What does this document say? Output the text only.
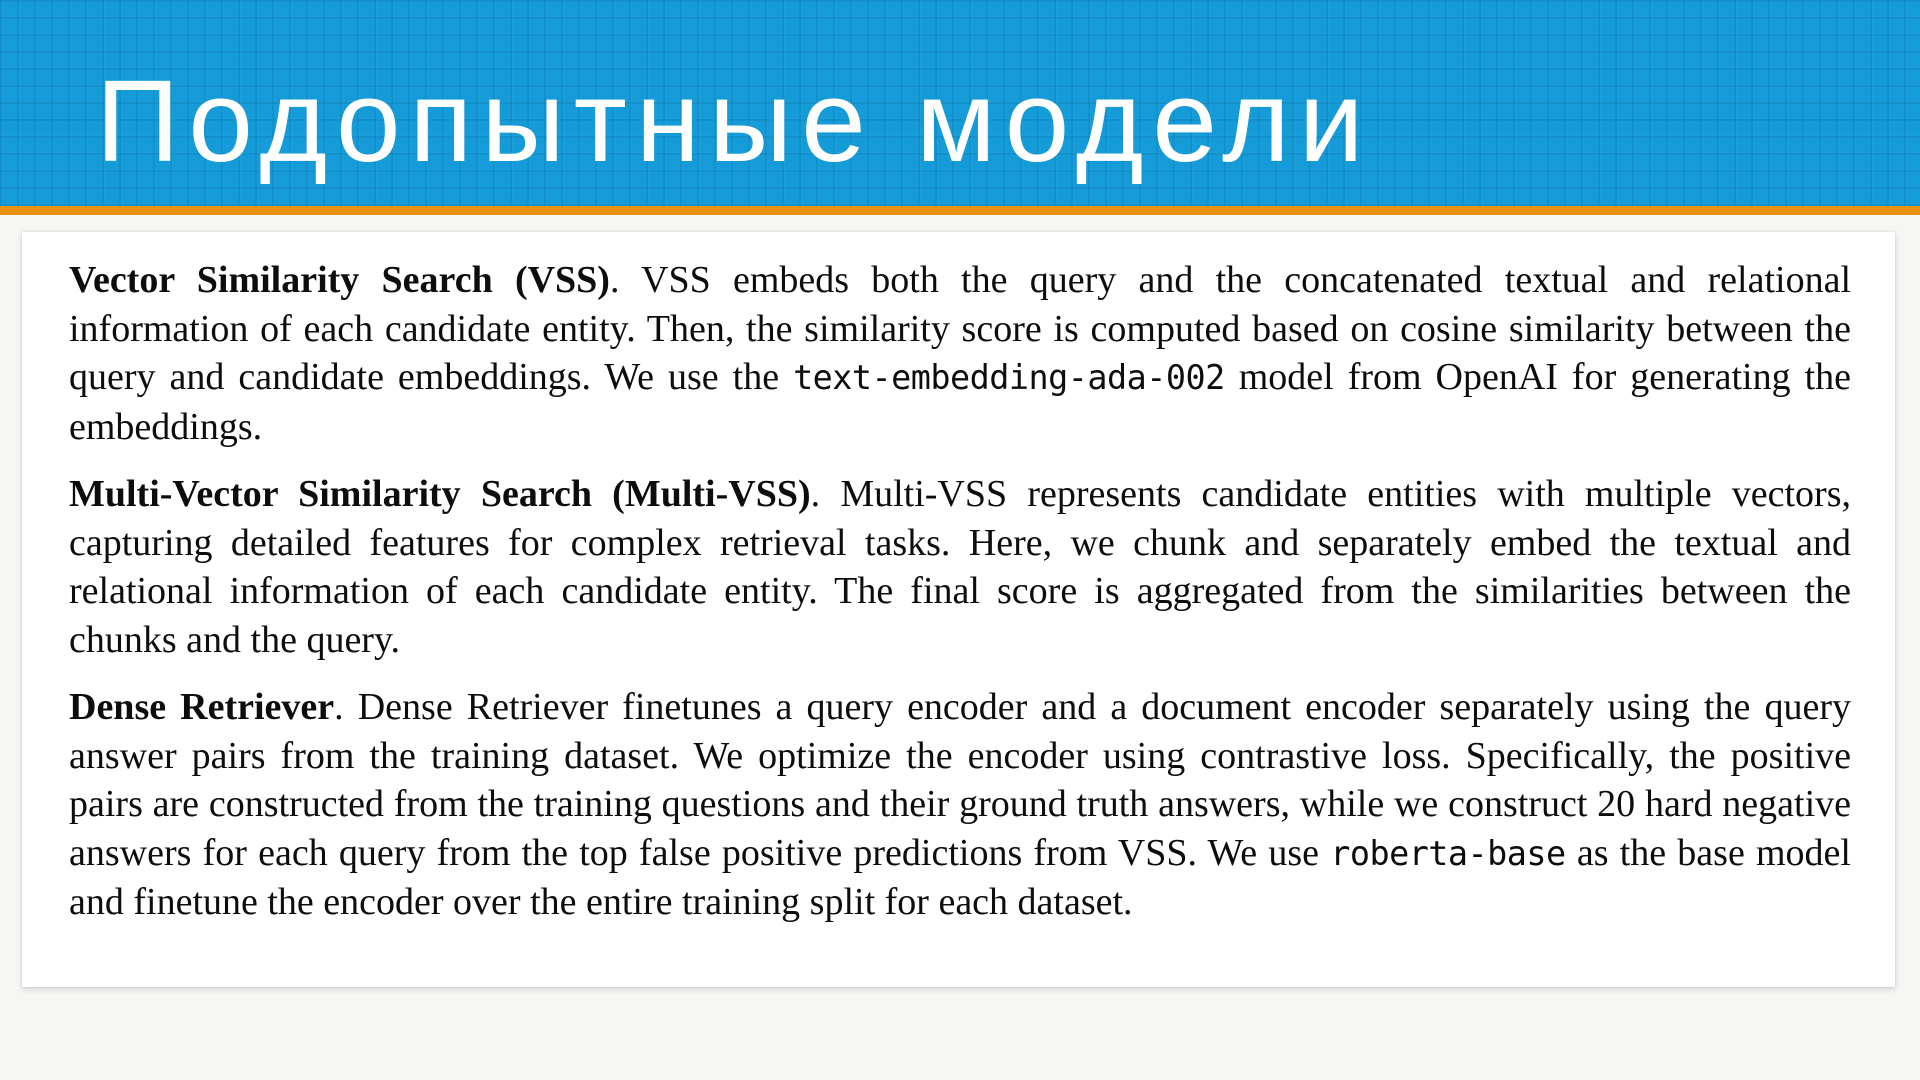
Подопытные модели

Vector Similarity Search (VSS). VSS embeds both the query and the concatenated textual and relational information of each candidate entity. Then, the similarity score is computed based on cosine similarity between the query and candidate embeddings. We use the text-embedding-ada-002 model from OpenAI for generating the embeddings.

Multi-Vector Similarity Search (Multi-VSS). Multi-VSS represents candidate entities with multiple vectors, capturing detailed features for complex retrieval tasks. Here, we chunk and separately embed the textual and relational information of each candidate entity. The final score is aggregated from the similarities between the chunks and the query.

Dense Retriever. Dense Retriever finetunes a query encoder and a document encoder separately using the query answer pairs from the training dataset. We optimize the encoder using contrastive loss. Specifically, the positive pairs are constructed from the training questions and their ground truth answers, while we construct 20 hard negative answers for each query from the top false positive predictions from VSS. We use roberta-base as the base model and finetune the encoder over the entire training split for each dataset.
